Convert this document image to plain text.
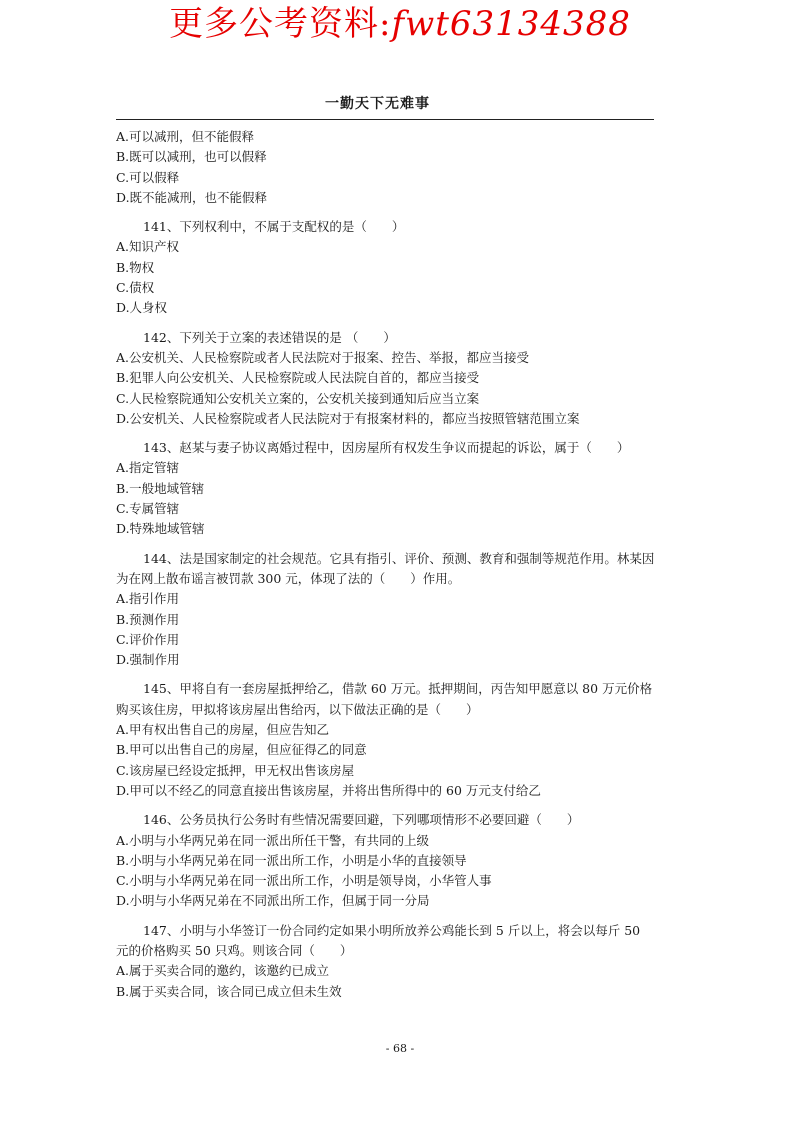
更多公考资料:fwt63134388
一勤天下无难事
A.可以减刑，但不能假释
B.既可以减刑，也可以假释
C.可以假释
D.既不能减刑，也不能假释
141、下列权利中，不属于支配权的是（　　）
A.知识产权
B.物权
C.债权
D.人身权
142、下列关于立案的表述错误的是 （　　）
A.公安机关、人民检察院或者人民法院对于报案、控告、举报，都应当接受
B.犯罪人向公安机关、人民检察院或人民法院自首的，都应当接受
C.人民检察院通知公安机关立案的，公安机关接到通知后应当立案
D.公安机关、人民检察院或者人民法院对于有报案材料的，都应当按照管辖范围立案
143、赵某与妻子协议离婚过程中，因房屋所有权发生争议而提起的诉讼，属于（　　）
A.指定管辖
B.一般地域管辖
C.专属管辖
D.特殊地域管辖
144、法是国家制定的社会规范。它具有指引、评价、预测、教育和强制等规范作用。林某因为在网上散布谣言被罚款 300 元，体现了法的（　　）作用。
A.指引作用
B.预测作用
C.评价作用
D.强制作用
145、甲将自有一套房屋抵押给乙，借款 60 万元。抵押期间，丙告知甲愿意以 80 万元价格购买该住房，甲拟将该房屋出售给丙，以下做法正确的是（　　）
A.甲有权出售自己的房屋，但应告知乙
B.甲可以出售自己的房屋，但应征得乙的同意
C.该房屋已经设定抵押，甲无权出售该房屋
D.甲可以不经乙的同意直接出售该房屋，并将出售所得中的 60 万元支付给乙
146、公务员执行公务时有些情况需要回避，下列哪项情形不必要回避（　　）
A.小明与小华两兄弟在同一派出所任干警，有共同的上级
B.小明与小华两兄弟在同一派出所工作，小明是小华的直接领导
C.小明与小华两兄弟在同一派出所工作，小明是领导岗，小华管人事
D.小明与小华两兄弟在不同派出所工作，但属于同一分局
147、小明与小华签订一份合同约定如果小明所放养公鸡能长到 5 斤以上，将会以每斤 50 元的价格购买 50 只鸡。则该合同（　　）
A.属于买卖合同的邀约，该邀约已成立
B.属于买卖合同，该合同已成立但未生效
- 68 -
